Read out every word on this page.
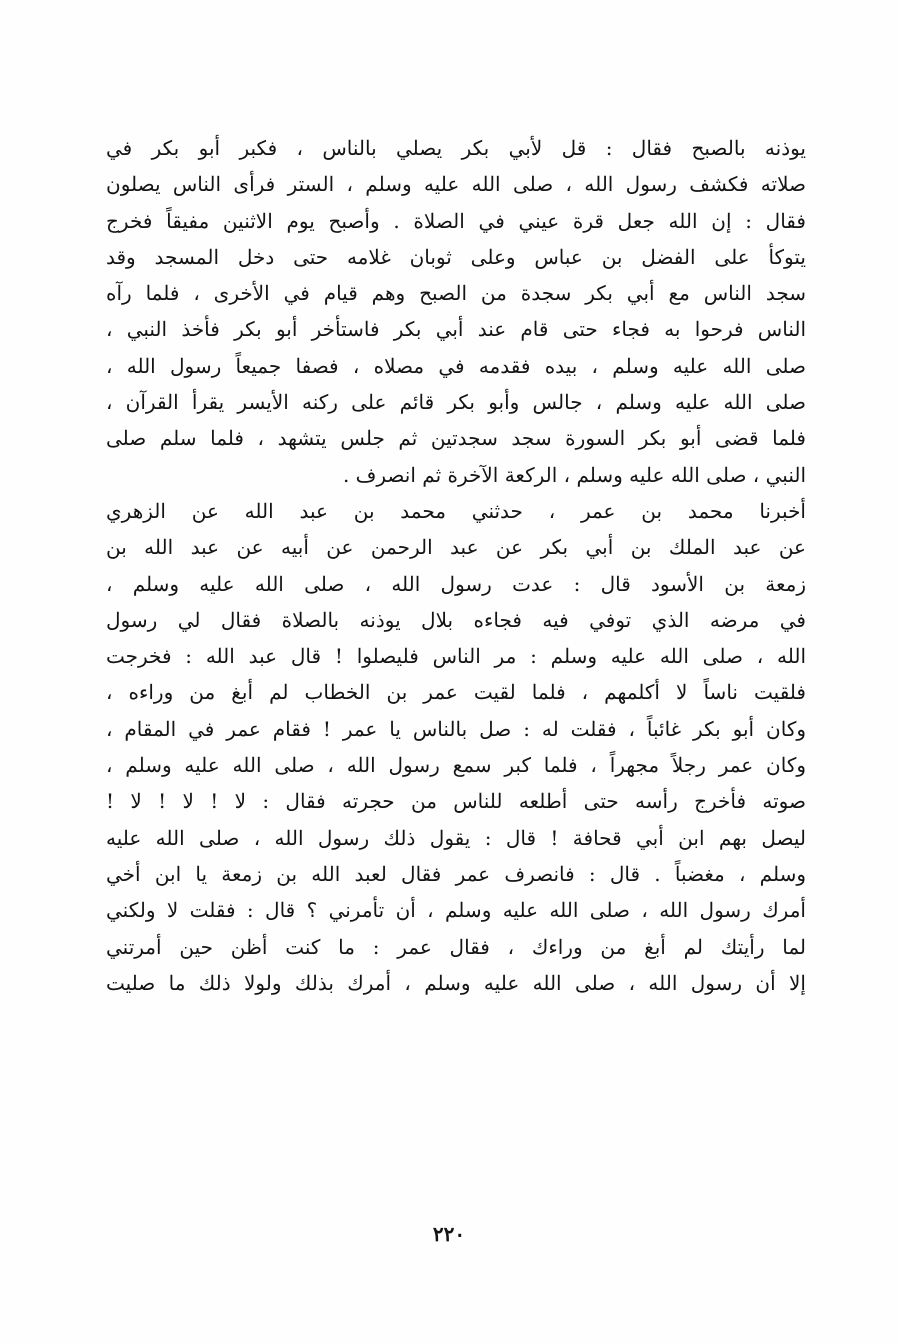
يوذنه بالصبح فقال : قل لأبي بكر يصلي بالناس ، فكبر أبو بكر في
صلاته فكشف رسول الله ، صلى الله عليه وسلم ، الستر فرأى الناس يصلون
فقال : إن الله جعل قرة عيني في الصلاة . وأصبح يوم الاثنين مفيقاً فخرج
يتوكأ على الفضل بن عباس وعلى ثوبان غلامه حتى دخل المسجد وقد
سجد الناس مع أبي بكر سجدة من الصبح وهم قيام في الأخرى ، فلما رآه
الناس فرحوا به فجاء حتى قام عند أبي بكر فاستأخر أبو بكر فأخذ النبي ،
صلى الله عليه وسلم ، بيده فقدمه في مصلاه ، فصفا جميعاً رسول الله ،
صلى الله عليه وسلم ، جالس وأبو بكر قائم على ركنه الأيسر يقرأ القرآن ،
فلما قضى أبو بكر السورة سجد سجدتين ثم جلس يتشهد ، فلما سلم صلى
النبي ، صلى الله عليه وسلم ، الركعة الآخرة ثم انصرف .
أخبرنا محمد بن عمر ، حدثني محمد بن عبد الله عن الزهري
عن عبد الملك بن أبي بكر عن عبد الرحمن عن أبيه عن عبد الله بن
زمعة بن الأسود قال : عدت رسول الله ، صلى الله عليه وسلم ،
في مرضه الذي توفي فيه فجاءه بلال يوذنه بالصلاة فقال لي رسول
الله ، صلى الله عليه وسلم : مر الناس فليصلوا ! قال عبد الله : فخرجت
فلقيت ناساً لا أكلمهم ، فلما لقيت عمر بن الخطاب لم أبغ من وراءه ،
وكان أبو بكر غائباً ، فقلت له : صل بالناس يا عمر ! فقام عمر في المقام ،
وكان عمر رجلاً مجهراً ، فلما كبر سمع رسول الله ، صلى الله عليه وسلم ،
صوته فأخرج رأسه حتى أطلعه للناس من حجرته فقال : لا ! لا ! لا !
ليصل بهم ابن أبي قحافة ! قال : يقول ذلك رسول الله ، صلى الله عليه
وسلم ، مغضباً . قال : فانصرف عمر فقال لعبد الله بن زمعة يا ابن أخي
أمرك رسول الله ، صلى الله عليه وسلم ، أن تأمرني ؟ قال : فقلت لا ولكني
لما رأيتك لم أبغ من وراءك ، فقال عمر : ما كنت أظن حين أمرتني
إلا أن رسول الله ، صلى الله عليه وسلم ، أمرك بذلك ولولا ذلك ما صليت
٢٢٠
